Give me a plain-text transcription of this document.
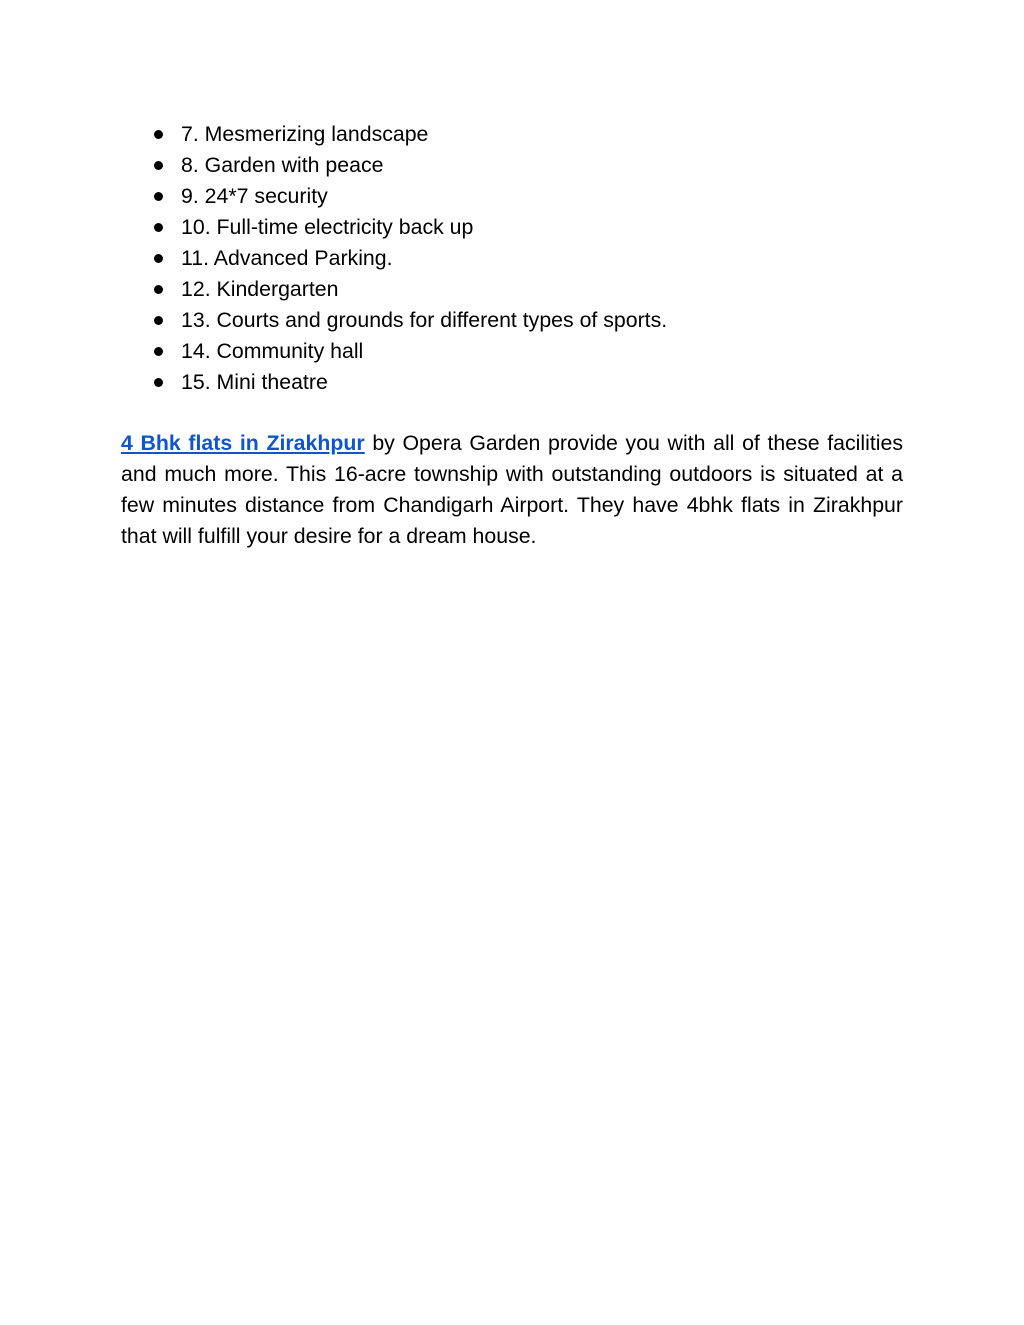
7. Mesmerizing landscape
8. Garden with peace
9. 24*7 security
10. Full-time electricity back up
11. Advanced Parking.
12. Kindergarten
13. Courts and grounds for different types of sports.
14. Community hall
15. Mini theatre

4 Bhk flats in Zirakhpur by Opera Garden provide you with all of these facilities and much more. This 16-acre township with outstanding outdoors is situated at a few minutes distance from Chandigarh Airport. They have 4bhk flats in Zirakhpur that will fulfill your desire for a dream house.
